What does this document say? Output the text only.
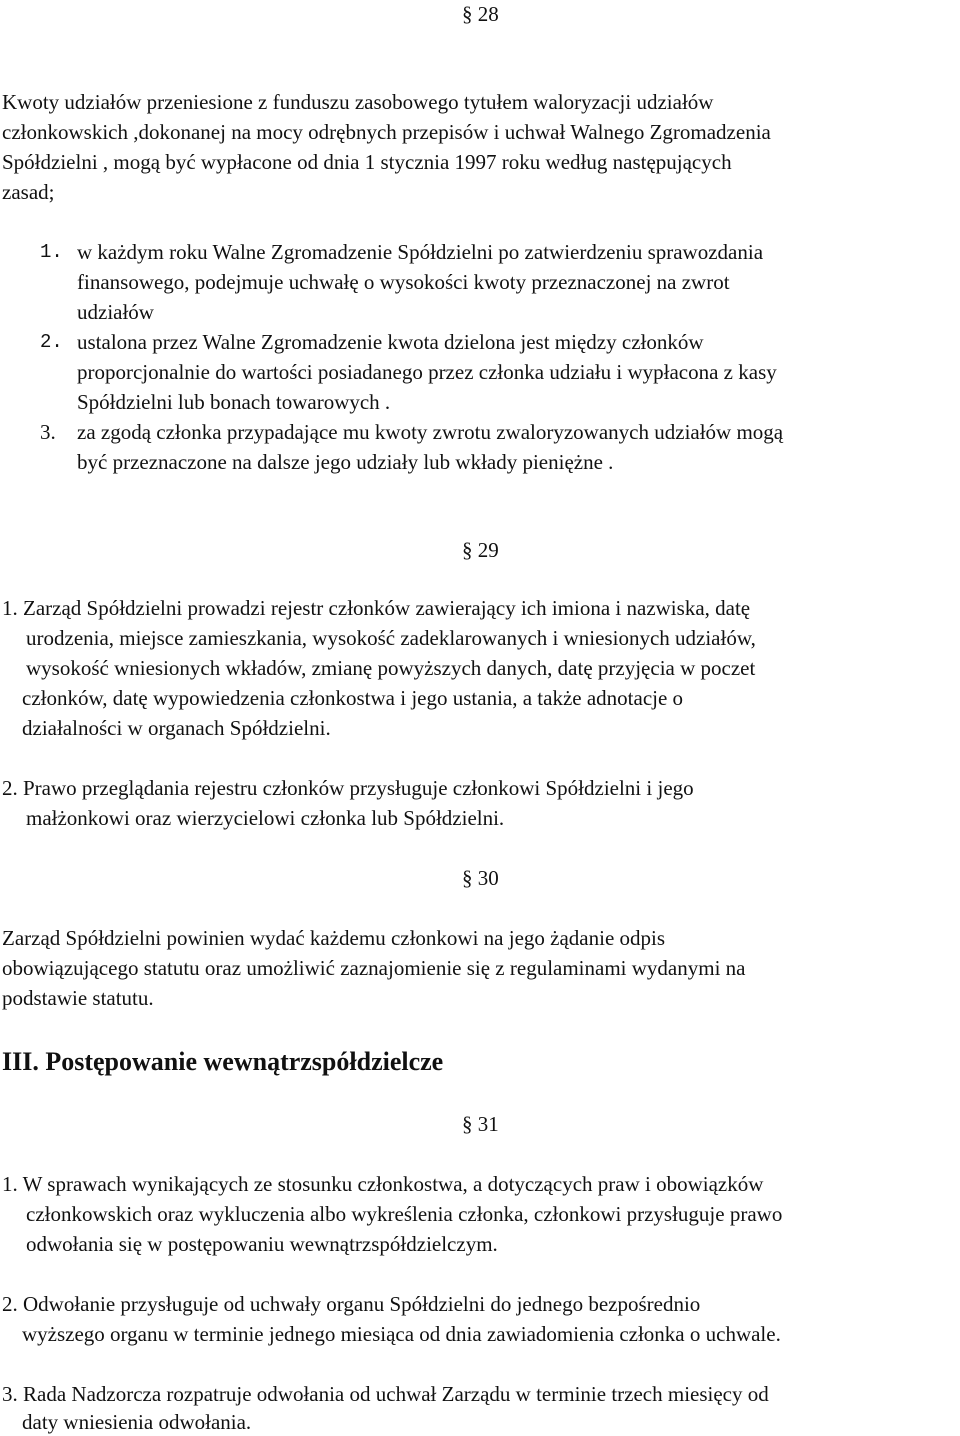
§ 28
Kwoty udziałów przeniesione z funduszu zasobowego tytułem waloryzacji udziałów
członkowskich ,dokonanej na mocy odrębnych przepisów i uchwał Walnego Zgromadzenia
Spółdzielni , mogą być wypłacone od dnia 1 stycznia 1997 roku według następujących
zasad;
1. w każdym roku Walne Zgromadzenie Spółdzielni po zatwierdzeniu sprawozdania
finansowego, podejmuje uchwałę o wysokości kwoty przeznaczonej na zwrot
udziałów
2. ustalona przez Walne Zgromadzenie kwota dzielona jest między członków
proporcjonalnie do wartości posiadanego przez członka udziału i wypłacona z kasy
Spółdzielni lub bonach towarowych .
3. za zgodą członka przypadające mu kwoty zwrotu zwaloryzowanych udziałów mogą
być przeznaczone na dalsze jego udziały lub wkłady pieniężne .
§ 29
1. Zarząd Spółdzielni prowadzi rejestr członków zawierający ich imiona i nazwiska, datę
urodzenia, miejsce zamieszkania, wysokość zadeklarowanych i wniesionych udziałów,
wysokość wniesionych wkładów, zmianę powyższych danych, datę przyjęcia w poczet
członków, datę wypowiedzenia członkostwa i jego ustania, a także adnotacje o
działalności w organach Spółdzielni.
2. Prawo przeglądania rejestru członków przysługuje członkowi Spółdzielni i jego
małżonkowi oraz wierzycielowi członka lub Spółdzielni.
§ 30
Zarząd Spółdzielni powinien wydać każdemu członkowi na jego żądanie odpis
obowiązującego statutu oraz umożliwić zaznajomienie się z regulaminami wydanymi na
podstawie statutu.
III. Postępowanie wewnątrzspółdzielcze
§ 31
1. W sprawach wynikających ze stosunku członkostwa, a dotyczących praw i obowiązków
członkowskich oraz wykluczenia albo wykreślenia członka, członkowi przysługuje prawo
odwołania się w postępowaniu wewnątrzspółdzielczym.
2. Odwołanie przysługuje od uchwały organu Spółdzielni do jednego bezpośrednio
wyższego organu w terminie jednego miesiąca od dnia zawiadomienia członka o uchwale.
3. Rada Nadzorcza rozpatruje odwołania od uchwał Zarządu w terminie trzech miesięcy od
daty wniesienia odwołania.
